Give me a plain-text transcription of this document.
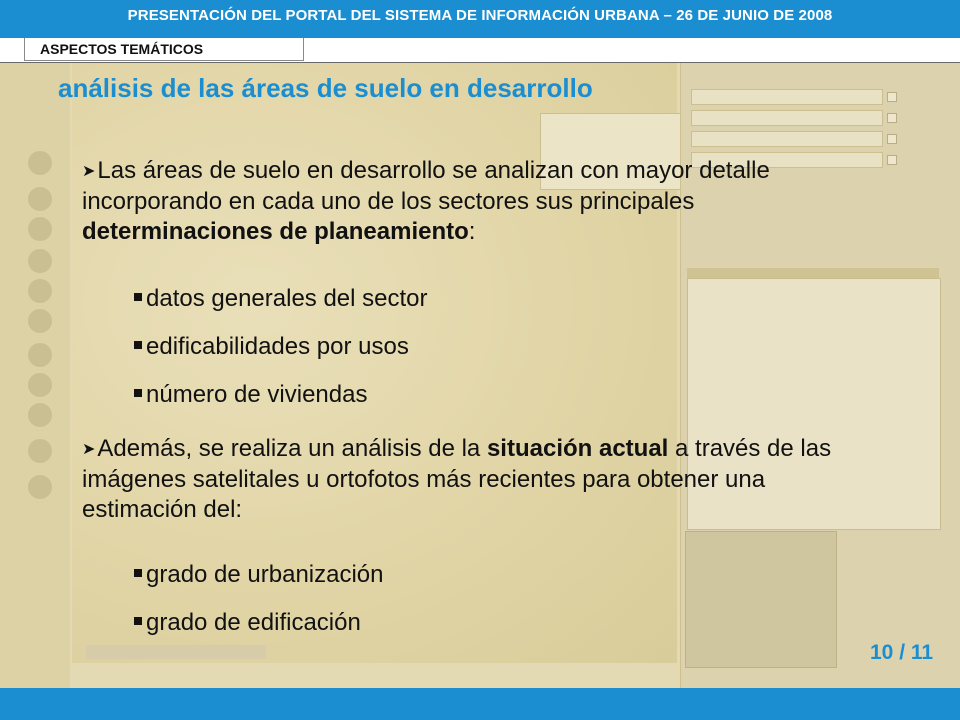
PRESENTACIÓN DEL PORTAL DEL SISTEMA DE INFORMACIÓN URBANA – 26 DE JUNIO DE 2008
ASPECTOS TEMÁTICOS
análisis de las áreas de suelo en desarrollo
➤Las áreas de suelo en desarrollo se analizan con mayor detalle incorporando en cada uno de los sectores sus principales determinaciones de planeamiento:
datos generales del sector
edificabilidades por usos
número de viviendas
➤Además, se realiza un análisis de la situación actual a través de las imágenes satelitales u ortofotos más recientes para obtener una estimación del:
grado de urbanización
grado de edificación
10 / 11
